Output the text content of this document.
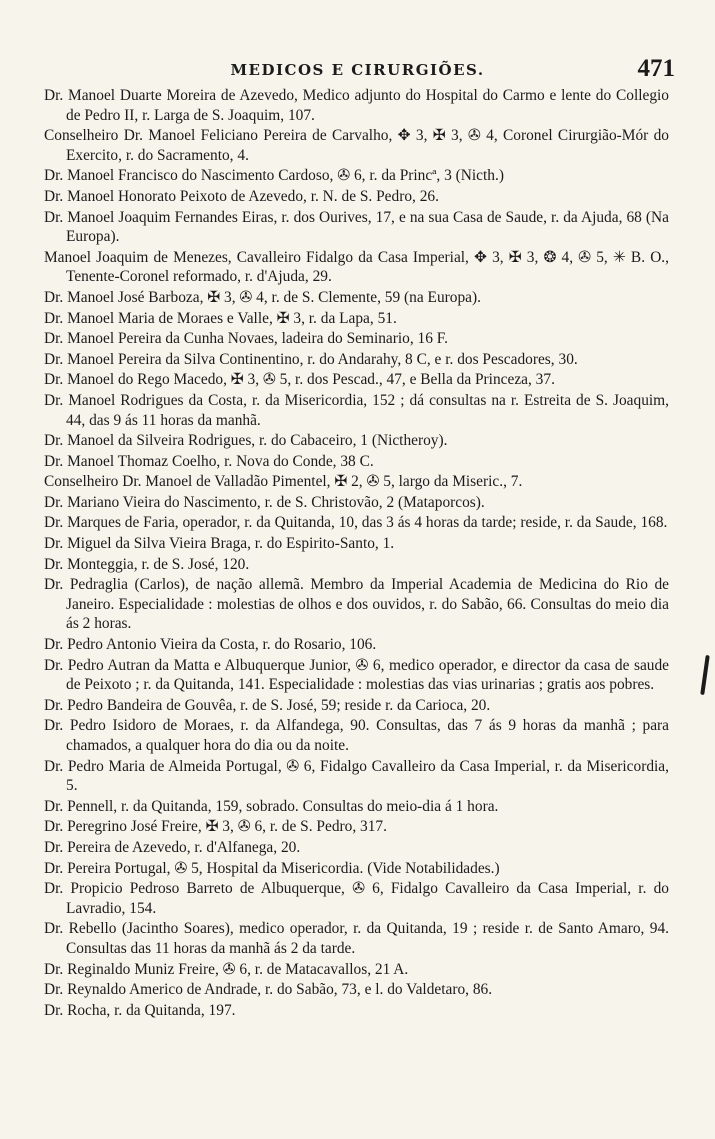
MEDICOS E CIRURGIÕES.	471

Dr. Manoel Duarte Moreira de Azevedo, Medico adjunto do Hospital do Carmo e lente do Collegio de Pedro II, r. Larga de S. Joaquim, 107.

Conselheiro Dr. Manoel Feliciano Pereira de Carvalho, ✥ 3, ✠ 3, ✇ 4, Coronel Cirurgião-Mór do Exercito, r. do Sacramento, 4.

Dr. Manoel Francisco do Nascimento Cardoso, ✇ 6, r. da Princª, 3 (Nicth.)

Dr. Manoel Honorato Peixoto de Azevedo, r. N. de S. Pedro, 26.

Dr. Manoel Joaquim Fernandes Eiras, r. dos Ourives, 17, e na sua Casa de Saude, r. da Ajuda, 68 (Na Europa).

Manoel Joaquim de Menezes, Cavalleiro Fidalgo da Casa Imperial, ✥ 3, ✠ 3, ❂ 4, ✇ 5, ✳ B. O., Tenente-Coronel reformado, r. d'Ajuda, 29.

Dr. Manoel José Barboza, ✠ 3, ✇ 4, r. de S. Clemente, 59 (na Europa).

Dr. Manoel Maria de Moraes e Valle, ✠ 3, r. da Lapa, 51.

Dr. Manoel Pereira da Cunha Novaes, ladeira do Seminario, 16 F.

Dr. Manoel Pereira da Silva Continentino, r. do Andarahy, 8 C, e r. dos Pescadores, 30.

Dr. Manoel do Rego Macedo, ✠ 3, ✇ 5, r. dos Pescad., 47, e Bella da Princeza, 37.

Dr. Manoel Rodrigues da Costa, r. da Misericordia, 152 ; dá consultas na r. Estreita de S. Joaquim, 44, das 9 ás 11 horas da manhã.

Dr. Manoel da Silveira Rodrigues, r. do Cabaceiro, 1 (Nictheroy).

Dr. Manoel Thomaz Coelho, r. Nova do Conde, 38 C.

Conselheiro Dr. Manoel de Valladão Pimentel, ✠ 2, ✇ 5, largo da Miseric., 7.

Dr. Mariano Vieira do Nascimento, r. de S. Christovão, 2 (Mataporcos).

Dr. Marques de Faria, operador, r. da Quitanda, 10, das 3 ás 4 horas da tarde; reside, r. da Saude, 168.

Dr. Miguel da Silva Vieira Braga, r. do Espirito-Santo, 1.

Dr. Monteggia, r. de S. José, 120.

Dr. Pedraglia (Carlos), de nação allemã. Membro da Imperial Academia de Medicina do Rio de Janeiro. Especialidade : molestias de olhos e dos ouvidos, r. do Sabão, 66. Consultas do meio dia ás 2 horas.

Dr. Pedro Antonio Vieira da Costa, r. do Rosario, 106.

Dr. Pedro Autran da Matta e Albuquerque Junior, ✇ 6, medico operador, e director da casa de saude de Peixoto ; r. da Quitanda, 141. Especialidade : molestias das vias urinarias ; gratis aos pobres.

Dr. Pedro Bandeira de Gouvêa, r. de S. José, 59; reside r. da Carioca, 20.

Dr. Pedro Isidoro de Moraes, r. da Alfandega, 90. Consultas, das 7 ás 9 horas da manhã ; para chamados, a qualquer hora do dia ou da noite.

Dr. Pedro Maria de Almeida Portugal, ✇ 6, Fidalgo Cavalleiro da Casa Imperial, r. da Misericordia, 5.

Dr. Pennell, r. da Quitanda, 159, sobrado. Consultas do meio-dia á 1 hora.

Dr. Peregrino José Freire, ✠ 3, ✇ 6, r. de S. Pedro, 317.

Dr. Pereira de Azevedo, r. d'Alfanega, 20.

Dr. Pereira Portugal, ✇ 5, Hospital da Misericordia. (Vide Notabilidades.)

Dr. Propicio Pedroso Barreto de Albuquerque, ✇ 6, Fidalgo Cavalleiro da Casa Imperial, r. do Lavradio, 154.

Dr. Rebello (Jacintho Soares), medico operador, r. da Quitanda, 19 ; reside r. de Santo Amaro, 94. Consultas das 11 horas da manhã ás 2 da tarde.

Dr. Reginaldo Muniz Freire, ✇ 6, r. de Matacavallos, 21 A.

Dr. Reynaldo Americo de Andrade, r. do Sabão, 73, e l. do Valdetaro, 86.

Dr. Rocha, r. da Quitanda, 197.
